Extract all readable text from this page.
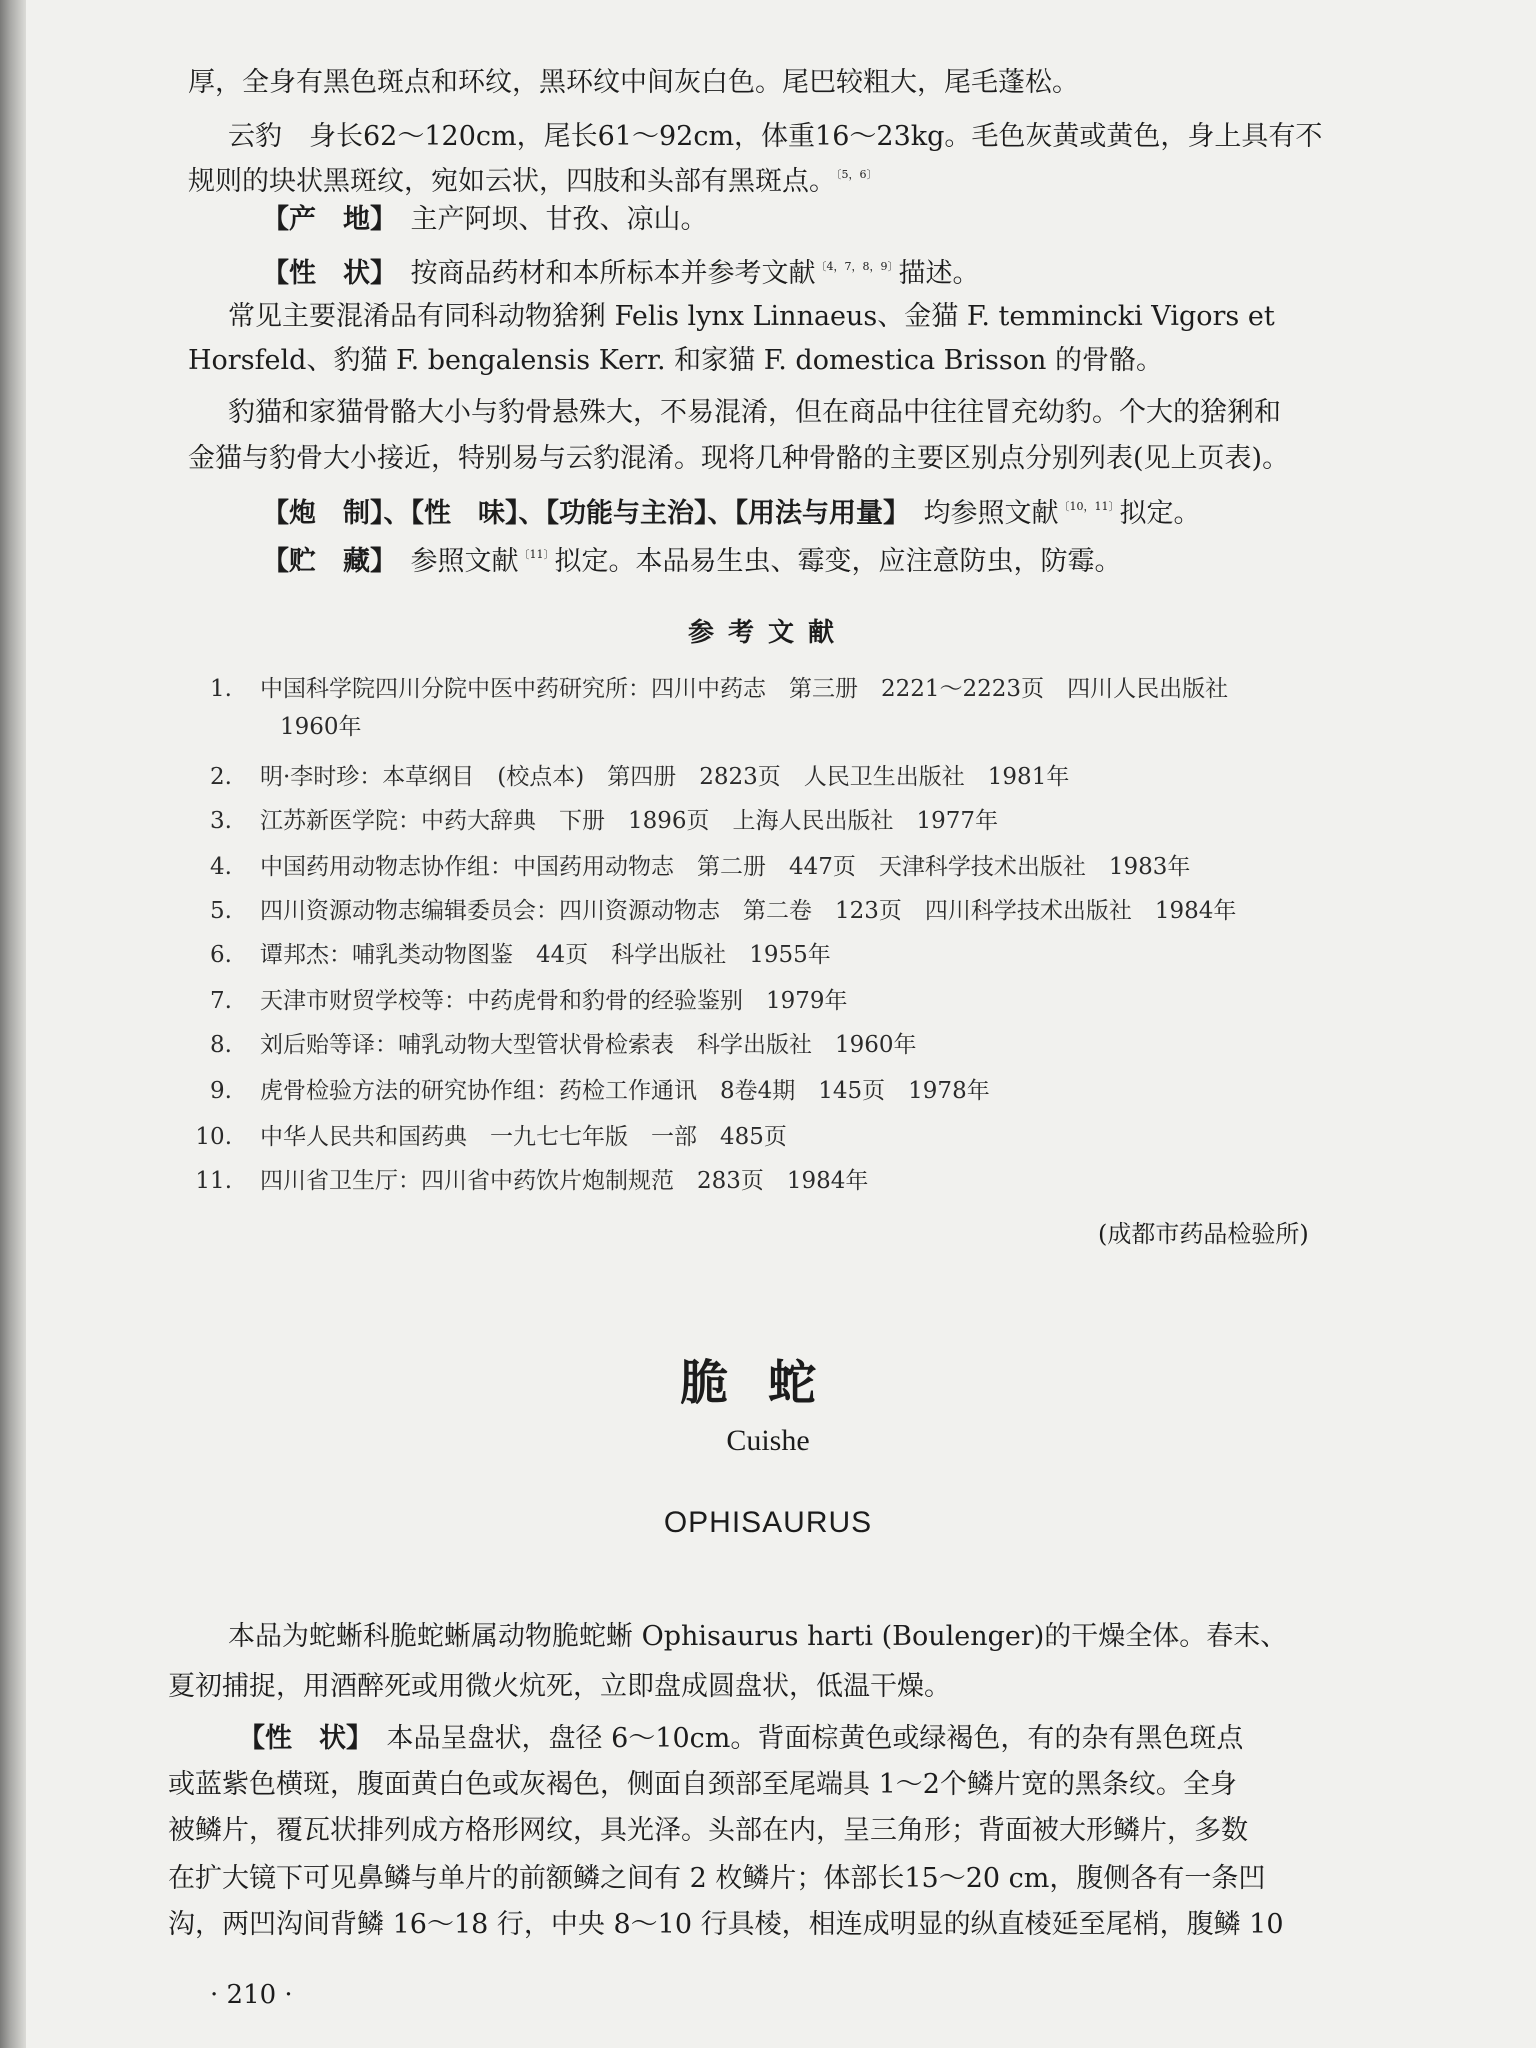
厚，全身有黑色斑点和环纹，黑环纹中间灰白色。尾巴较粗大，尾毛蓬松。
云豹　身长62～120cm，尾长61～92cm，体重16～23kg。毛色灰黄或黄色，身上具有不
规则的块状黑斑纹，宛如云状，四肢和头部有黑斑点。$^{〔5,6〕}$
【产　地】　 主产阿坝、甘孜、凉山。
【性　状】　 按商品药材和本所标本并参考文献$^{〔4,7,8,9〕}$描述。
常见主要混淆品有同科动物猞猁 Felis lynx Linnaeus、金猫 F. temmincki Vigors et
Horsfeld、豹猫 F. bengalensis Kerr. 和家猫 F. domestica Brisson 的骨骼。
豹猫和家猫骨骼大小与豹骨悬殊大，不易混淆，但在商品中往往冒充幼豹。个大的猞猁和
金猫与豹骨大小接近，特别易与云豹混淆。现将几种骨骼的主要区别点分别列表(见上页表)。
【炮　制】、【性　味】、【功能与主治】、【用法与用量】　 均参照文献$^{〔10,11〕}$拟定。
【贮　藏】　 参照文献$^{〔11〕}$拟定。本品易生虫、霉变，应注意防虫，防霉。
参考文献
1. 中国科学院四川分院中医中药研究所：四川中药志　第三册　2221～2223页　四川人民出版社
1960年
2. 明·李时珍：本草纲目　(校点本)　第四册　2823页　人民卫生出版社　1981年
3. 江苏新医学院：中药大辞典　下册　1896页　上海人民出版社　1977年
4. 中国药用动物志协作组：中国药用动物志　第二册　447页　天津科学技术出版社　1983年
5. 四川资源动物志编辑委员会：四川资源动物志　第二卷　123页　四川科学技术出版社　1984年
6. 谭邦杰：哺乳类动物图鉴　44页　科学出版社　1955年
7. 天津市财贸学校等：中药虎骨和豹骨的经验鉴别　1979年
8. 刘后贻等译：哺乳动物大型管状骨检索表　科学出版社　1960年
9. 虎骨检验方法的研究协作组：药检工作通讯　8卷4期　145页　1978年
10. 中华人民共和国药典　一九七七年版　一部　485页
11. 四川省卫生厅：四川省中药饮片炮制规范　283页　1984年
(成都市药品检验所)
脆蛇
Cuishe
OPHISAURUS
本品为蛇蜥科脆蛇蜥属动物脆蛇蜥 Ophisaurus harti (Boulenger)的干燥全体。春末、
夏初捕捉，用酒醉死或用微火炕死，立即盘成圆盘状，低温干燥。
【性　状】　 本品呈盘状，盘径 6～10cm。背面棕黄色或绿褐色，有的杂有黑色斑点
或蓝紫色横斑，腹面黄白色或灰褐色，侧面自颈部至尾端具 1～2个鳞片宽的黑条纹。全身
被鳞片，覆瓦状排列成方格形网纹，具光泽。头部在内，呈三角形；背面被大形鳞片，多数
在扩大镜下可见鼻鳞与单片的前额鳞之间有 2 枚鳞片；体部长15～20 cm，腹侧各有一条凹
沟，两凹沟间背鳞 16～18 行，中央 8～10 行具棱，相连成明显的纵直棱延至尾梢，腹鳞 10
· 210 ·
